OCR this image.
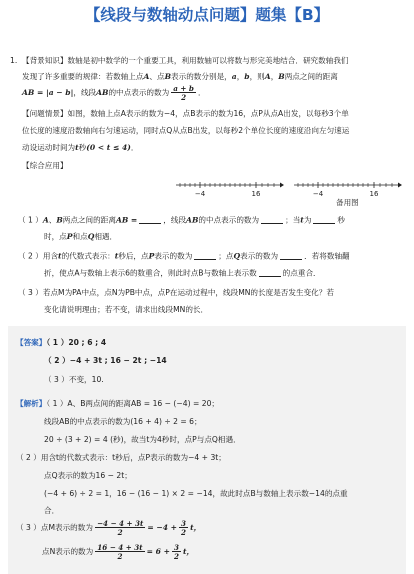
【线段与数轴动点问题】题集【B】
1. 【背景知识】数轴是初中数学的一个重要工具，利用数轴可以将数与形完美地结合．研究数轴我们
发现了许多重要的规律：若数轴上点A、点B表示的数分别是，a，b，则A，B两点之间的距离
AB = |a − b|，线段AB的中点表示的数为 $\frac{a + b}{2}$ ．
【问题情景】如图，数轴上点A表示的数为−4，点B表示的数为16，点P从点A出发，以每秒3个单
位长度的速度沿数轴向右匀速运动，同时点Q从点B出发，以每秒2个单位长度的速度沿向左匀速运
动设运动时间为t秒(0 < t ≤ 4)．
【综合应用】
−4	16	−4	16
备用图
（ 1 ）A、B两点之间的距离AB =	，线段AB的中点表示的数为	；当t为	秒
时，点P和点Q相遇．
（ 2 ）用含t的代数式表示：t秒后，点P表示的数为	；点Q表示的数为	．若将数轴翻
折，使点A与数轴上表示6的数重合，则此时点B与数轴上表示数	的点重合．
（ 3 ）若点M为PA中点，点N为PB中点，点P在运动过程中，线段MN的长度是否发生变化？若
变化请说明理由；若不变，请求出线段MN的长．
【答案】（ 1 ）20 ; 6 ; 4
（ 2 ）−4 + 3t ; 16 − 2t ; −14
（ 3 ）不变，10.
【解析】（ 1 ）A、B两点间的距离AB = 16 − (−4) = 20；
线段AB的中点表示的数为(16 + 4) ÷ 2 = 6；
20 ÷ (3 + 2) = 4 (秒)，故当t为4秒时，点P与点Q相遇．
（ 2 ）用含t的代数式表示：t秒后，点P表示的数为−4 + 3t；
点Q表示的数为16 − 2t；
(−4 + 6) ÷ 2 = 1，16 − (16 − 1) × 2 = −14，故此时点B与数轴上表示数−14的点重
合．
（ 3 ）点M表示的数为 $\frac{-4 - 4 + 3t}{2} = -4 + \frac{3}{2}$ t，
点N表示的数为 $\frac{16 - 4 + 3t}{2} = 6 + \frac{3}{2}$ t，
